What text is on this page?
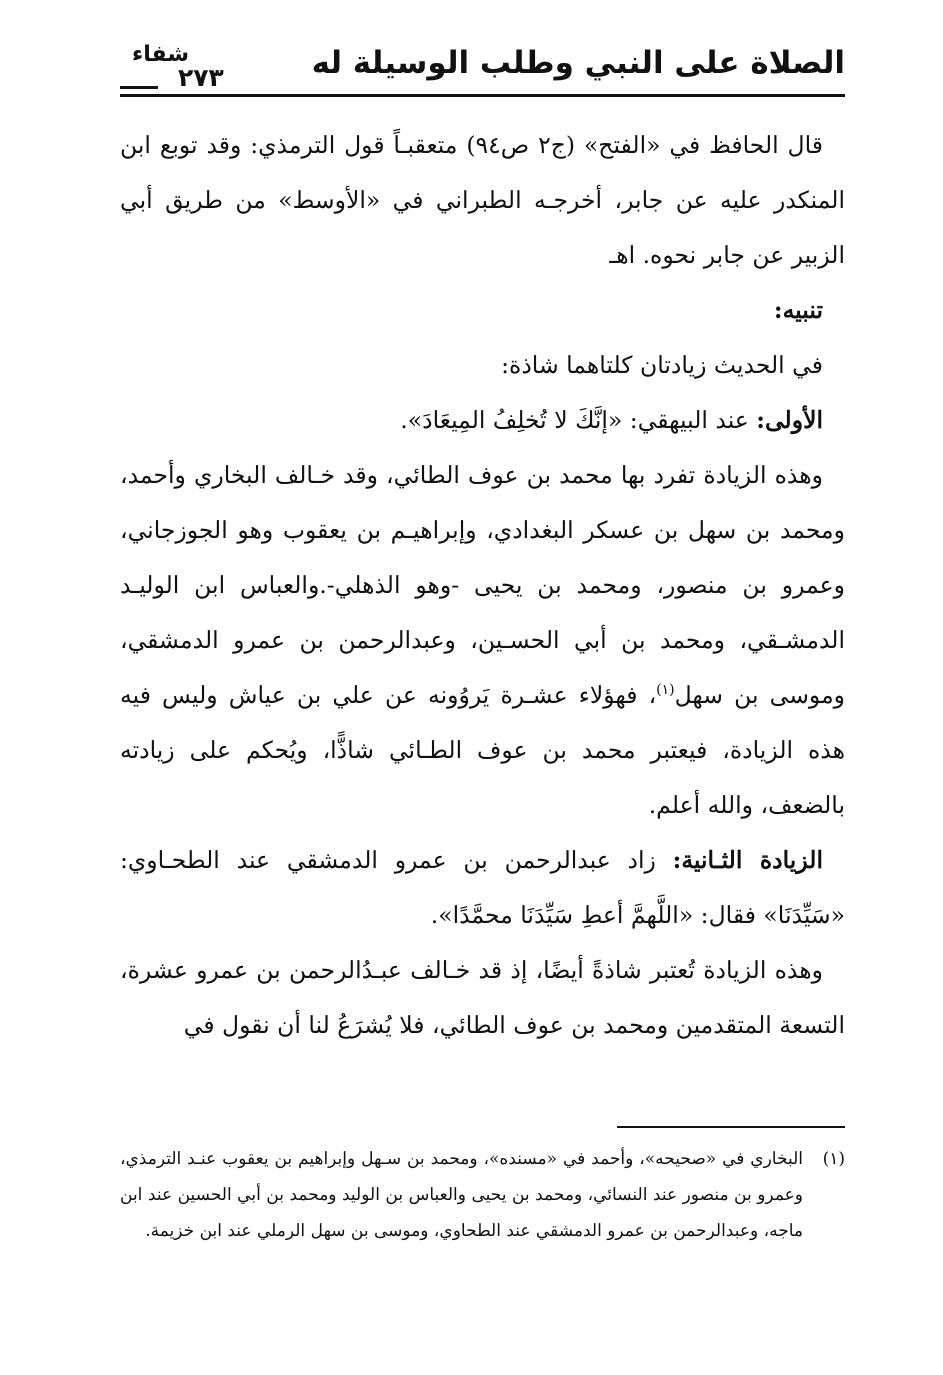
الصلاة على النبي وطلب الوسيلة له
شفاء
٢٧٣

قال الحافظ في «الفتح» (ج٢ ص٩٤) متعقبـاً قول الترمذي: وقد توبع ابن المنكدر عليه عن جابر، أخرجـه الطبراني في «الأوسط» من طريق أبي الزبير عن جابر نحوه. اهـ

تنبيه:

في الحديث زيادتان كلتاهما شاذة:

الأولى: عند البيهقي: «إنَّكَ لا تُخلِفُ المِيعَادَ».

وهذه الزيادة تفرد بها محمد بن عوف الطائي، وقد خـالف البخاري وأحمد، ومحمد بن سهل بن عسكر البغدادي، وإبراهيـم بن يعقوب وهو الجوزجاني، وعمرو بن منصور، ومحمد بن يحيى -وهو الذهلي-.والعباس ابن الوليـد الدمشـقي، ومحمد بن أبي الحسـين، وعبدالرحمن بن عمرو الدمشقي، وموسى بن سهل$^{(١)}$، فهؤلاء عشـرة يَروُونه عن علي بن عياش وليس فيه هذه الزيادة، فيعتبر محمد بن عوف الطـائي شاذًّا، ويُحكم على زيادته بالضعف، والله أعلم.

الزيادة الثـانية: زاد عبدالرحمن بن عمرو الدمشقي عند الطحـاوي: «سَيِّدَنَا» فقال: «اللَّهمَّ أعطِ سَيِّدَنَا محمَّدًا».

وهذه الزيادة تُعتبر شاذةً أيضًا، إذ قد خـالف عبـدُالرحمن بن عمرو عشرة، التسعة المتقدمين ومحمد بن عوف الطائي، فلا يُشرَعُ لنا أن نقول في

(١)
البخاري في «صحيحه»، وأحمد في «مسنده»، ومحمد بن سـهل وإبراهيم بن يعقوب عنـد الترمذي، وعمرو بن منصور عند النسائي، ومحمد بن يحيى والعباس بن الوليد ومحمد بن أبي الحسين عند ابن ماجه، وعبدالرحمن بن عمرو الدمشقي عند الطحاوي، وموسى بن سهل الرملي عند ابن خزيمة.
